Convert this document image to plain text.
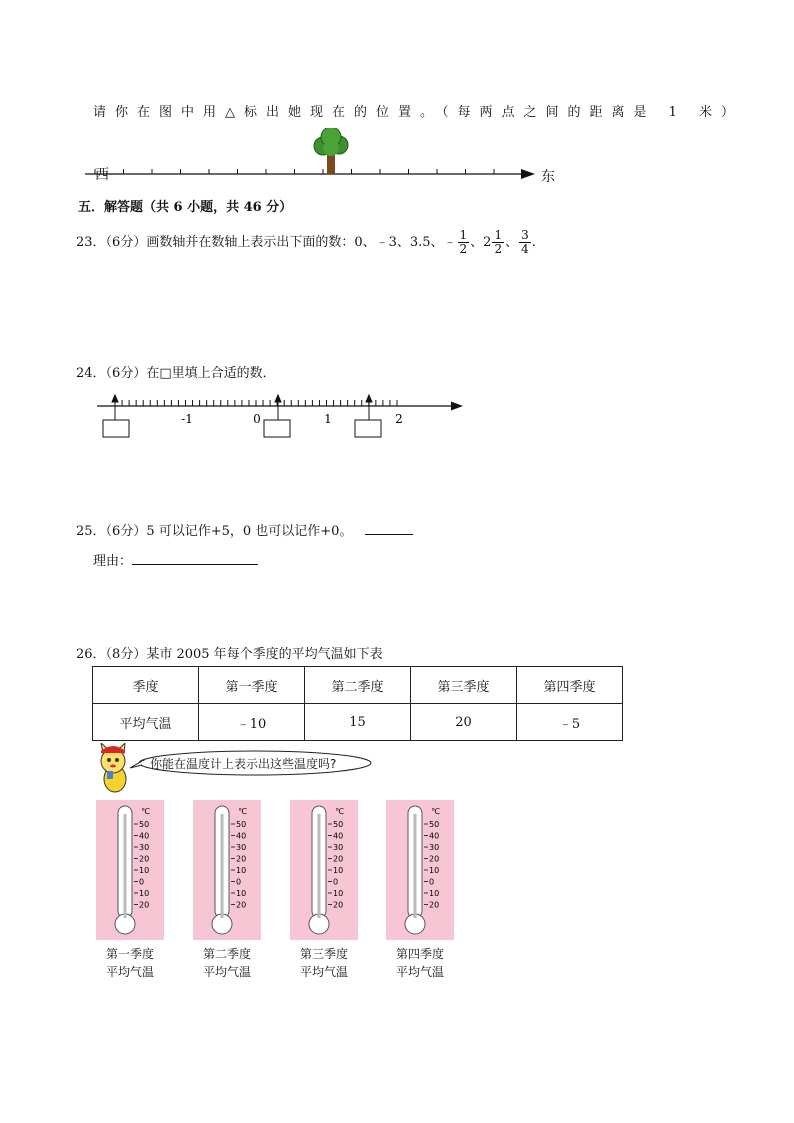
请你在图中用△标出她现在的位置。（每两点之间的距离是 1 米）
西	东
五．解答题（共 6 小题，共 46 分）
23．（6分）画数轴并在数轴上表示出下面的数：0、﹣3、3.5、﹣ $\frac{1}{2}$ 、$2 \frac{1}{2}$ 、 $\frac{3}{4}$ .
24．（6分）在□里填上合适的数．
-1	0	1	2
25．（6分）5 可以记作+5，0 也可以记作+0。
理由：
26．（8分）某市 2005 年每个季度的平均气温如下表
季度	第一季度	第二季度	第三季度	第四季度
平均气温	﹣10	15	20	﹣5
你能在温度计上表示出这些温度吗?
℃
50
40
30
20
10
0
10
20
第一季度
平均气温
℃
50
40
30
20
10
0
10
20
第二季度
平均气温
℃
50
40
30
20
10
0
10
20
第三季度
平均气温
℃
50
40
30
20
10
0
10
20
第四季度
平均气温
